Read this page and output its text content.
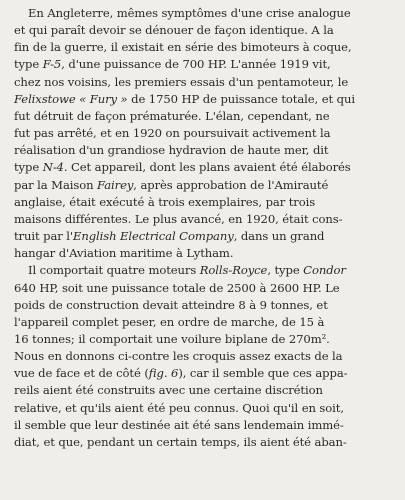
En Angleterre, mêmes symptômes d'une crise analogue
et qui paraît devoir se dénouer de façon identique. A la
fin de la guerre, il existait en série des bimoteurs à coque,
type F-5, d'une puissance de 700 HP. L'année 1919 vit,
chez nos voisins, les premiers essais d'un pentamoteur, le
Felixstowe « Fury » de 1750 HP de puissance totale, et qui
fut détruit de façon prématurée. L'élan, cependant, ne
fut pas arrêté, et en 1920 on poursuivait activement la
réalisation d'un grandiose hydravion de haute mer, dit
type N-4. Cet appareil, dont les plans avaient été élaborés
par la Maison Fairey, après approbation de l'Amirauté
anglaise, était exécuté à trois exemplaires, par trois
maisons différentes. Le plus avancé, en 1920, était cons-
truit par l'English Electrical Company, dans un grand
hangar d'Aviation maritime à Lytham.

Il comportait quatre moteurs Rolls-Royce, type Condor
640 HP, soit une puissance totale de 2500 à 2600 HP. Le
poids de construction devait atteindre 8 à 9 tonnes, et
l'appareil complet peser, en ordre de marche, de 15 à
16 tonnes; il comportait une voilure biplane de 270m².
Nous en donnons ci-contre les croquis assez exacts de la
vue de face et de côté (fig. 6), car il semble que ces appa-
reils aient été construits avec une certaine discrétion
relative, et qu'ils aient été peu connus. Quoi qu'il en soit,
il semble que leur destinée ait été sans lendemain immé-
diat, et que, pendant un certain temps, ils aient été aban-
